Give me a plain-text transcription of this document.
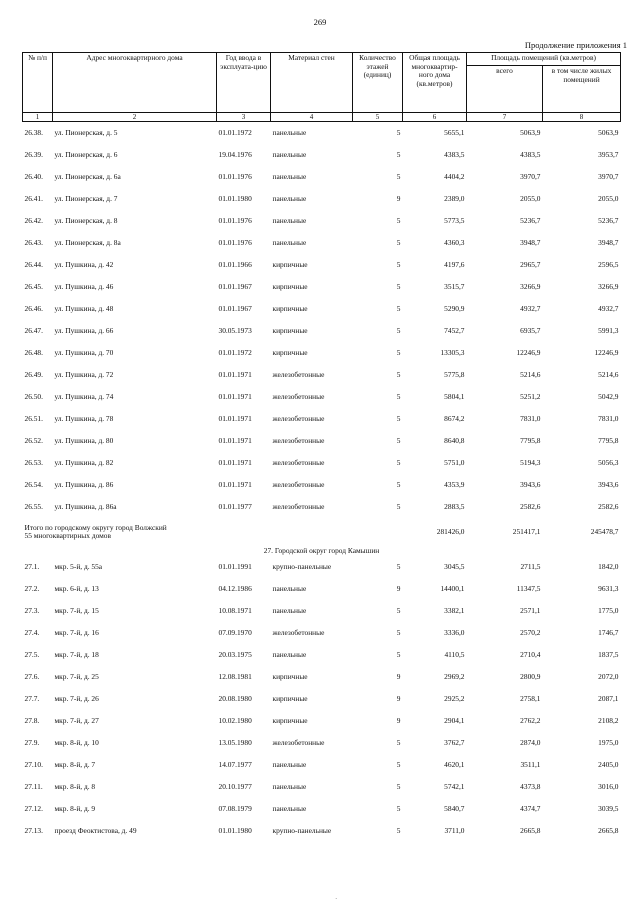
269
Продолжение приложения 1
№ п/п	Адрес многоквартирного дома	Год ввода в эксплуата-цию	Материал стен	Количество этажей (единиц)	Общая площадь многоквартир-ного дома (кв.метров)	Площадь помещений (кв.метров)	
						всего	в том числе жилых помещений
1	2	3	4	5	6	7	8
26.38.	ул. Пионерская, д. 5	01.01.1972	панельные	5	5655,1	5063,9	5063,9
26.39.	ул. Пионерская, д. 6	19.04.1976	панельные	5	4383,5	4383,5	3953,7
26.40.	ул. Пионерская, д. 6а	01.01.1976	панельные	5	4404,2	3970,7	3970,7
26.41.	ул. Пионерская, д. 7	01.01.1980	панельные	9	2389,0	2055,0	2055,0
26.42.	ул. Пионерская, д. 8	01.01.1976	панельные	5	5773,5	5236,7	5236,7
26.43.	ул. Пионерская, д. 8а	01.01.1976	панельные	5	4360,3	3948,7	3948,7
26.44.	ул. Пушкина, д. 42	01.01.1966	кирпичные	5	4197,6	2965,7	2596,5
26.45.	ул. Пушкина, д. 46	01.01.1967	кирпичные	5	3515,7	3266,9	3266,9
26.46.	ул. Пушкина, д. 48	01.01.1967	кирпичные	5	5290,9	4932,7	4932,7
26.47.	ул. Пушкина, д. 66	30.05.1973	кирпичные	5	7452,7	6935,7	5991,3
26.48.	ул. Пушкина, д. 70	01.01.1972	кирпичные	5	13305,3	12246,9	12246,9
26.49.	ул. Пушкина, д. 72	01.01.1971	железобетонные	5	5775,8	5214,6	5214,6
26.50.	ул. Пушкина, д. 74	01.01.1971	железобетонные	5	5804,1	5251,2	5042,9
26.51.	ул. Пушкина, д. 78	01.01.1971	железобетонные	5	8674,2	7831,0	7831,0
26.52.	ул. Пушкина, д. 80	01.01.1971	железобетонные	5	8640,8	7795,8	7795,8
26.53.	ул. Пушкина, д. 82	01.01.1971	железобетонные	5	5751,0	5194,3	5056,3
26.54.	ул. Пушкина, д. 86	01.01.1971	железобетонные	5	4353,9	3943,6	3943,6
26.55.	ул. Пушкина, д. 86а	01.01.1977	железобетонные	5	2883,5	2582,6	2582,6

Итого по городскому округу город Волжский
55 многоквартирных домов					281426,0	251417,1	245478,7
27. Городской округ город Камышин							
27.1.	мкр. 5-й, д. 55а	01.01.1991	крупно-панельные	5	3045,5	2711,5	1842,0
27.2.	мкр. 6-й, д. 13	04.12.1986	панельные	9	14400,1	11347,5	9631,3
27.3.	мкр. 7-й, д. 15	10.08.1971	панельные	5	3382,1	2571,1	1775,0
27.4.	мкр. 7-й, д. 16	07.09.1970	железобетонные	5	3336,0	2570,2	1746,7
27.5.	мкр. 7-й, д. 18	20.03.1975	панельные	5	4110,5	2710,4	1837,5
27.6.	мкр. 7-й, д. 25	12.08.1981	кирпичные	9	2969,2	2800,9	2072,0
27.7.	мкр. 7-й, д. 26	20.08.1980	кирпичные	9	2925,2	2758,1	2087,1
27.8.	мкр. 7-й, д. 27	10.02.1980	кирпичные	9	2904,1	2762,2	2108,2
27.9.	мкр. 8-й, д. 10	13.05.1980	железобетонные	5	3762,7	2874,0	1975,0
27.10.	мкр. 8-й, д. 7	14.07.1977	панельные	5	4620,1	3511,1	2405,0
27.11.	мкр. 8-й, д. 8	20.10.1977	панельные	5	5742,1	4373,8	3016,0
27.12.	мкр. 8-й, д. 9	07.08.1979	панельные	5	5840,7	4374,7	3039,5
27.13.	проезд Феоктистова, д. 49	01.01.1980	крупно-панельные	5	3711,0	2665,8	2665,8
·
